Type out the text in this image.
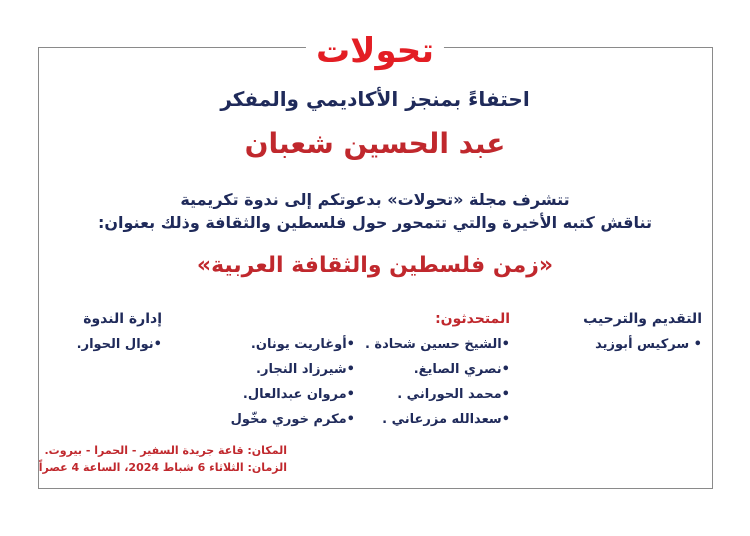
تحولات
احتفاءً بمنجز الأكاديمي والمفكر
عبد الحسين شعبان
تتشرف مجلة «تحولات» بدعوتكم إلى ندوة تكريمية
تناقش كتبه الأخيرة والتي تتمحور حول فلسطين والثقافة وذلك بعنوان:
«زمن فلسطين والثقافة العربية»
التقديم والترحيب
• سركيس أبوزيد
المتحدثون:
•الشيخ حسين شحادة .
•نصري الصايغ.
•محمد الحوراني .
•سعدالله مزرعاني .
•أوغاريت يونان.
•شيرزاد النجار.
•مروان عبدالعال.
•مكرم خوري مخّول
إدارة الندوة
•نوال الحوار.
المكان: قاعة جريدة السفير - الحمرا - بيروت.
الزمان: الثلاثاء 6 شباط 2024، الساعة 4 عصراً
